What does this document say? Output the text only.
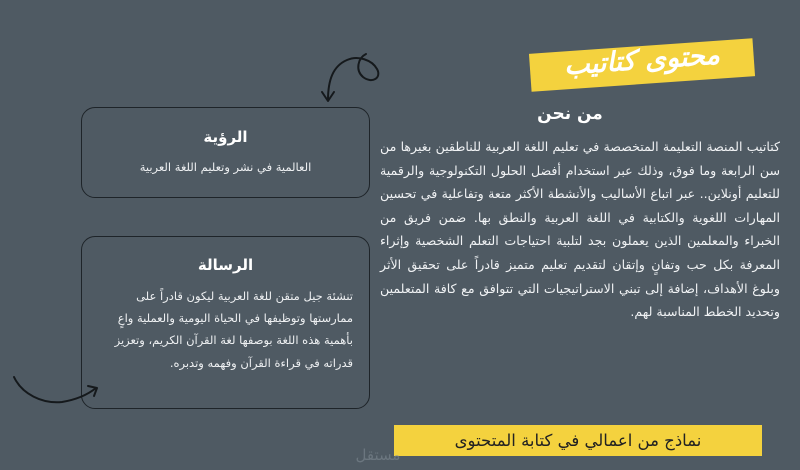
محتوى كتاتيب
من نحن

كتاتيب المنصة التعليمة المتخصصة في تعليم اللغة العربية للناطقين بغيرها من سن الرابعة وما فوق، وذلك عبر استخدام أفضل الحلول التكنولوجية والرقمية للتعليم أونلاين.. عبر اتباع الأساليب والأنشطة الأكثر متعة وتفاعلية في تحسين المهارات اللغوية والكتابية في اللغة العربية والنطق بها. ضمن فريق من الخبراء والمعلمين الذين يعملون بجد لتلبية احتياجات التعلم الشخصية وإثراء المعرفة بكل حب وتفانٍ وإتقان لتقديم تعليم متميز قادراً على تحقيق الأثر وبلوغ الأهداف، إضافة إلى تبني الاستراتيجيات التي تتوافق مع كافة المتعلمين وتحديد الخطط المناسبة لهم.

الرؤية
العالمية في نشر وتعليم اللغة العربية
الرسالة

تنشئة جيل متقن للغة العربية ليكون قادراً على ممارستها وتوظيفها في الحياة اليومية والعملية واعٍ بأهمية هذه اللغة بوصفها لغة القرآن الكريم، وتعزيز قدراته في قراءة القرآن وفهمه وتدبره.

نماذج من اعمالي في كتابة المتحتوى
مستقل
